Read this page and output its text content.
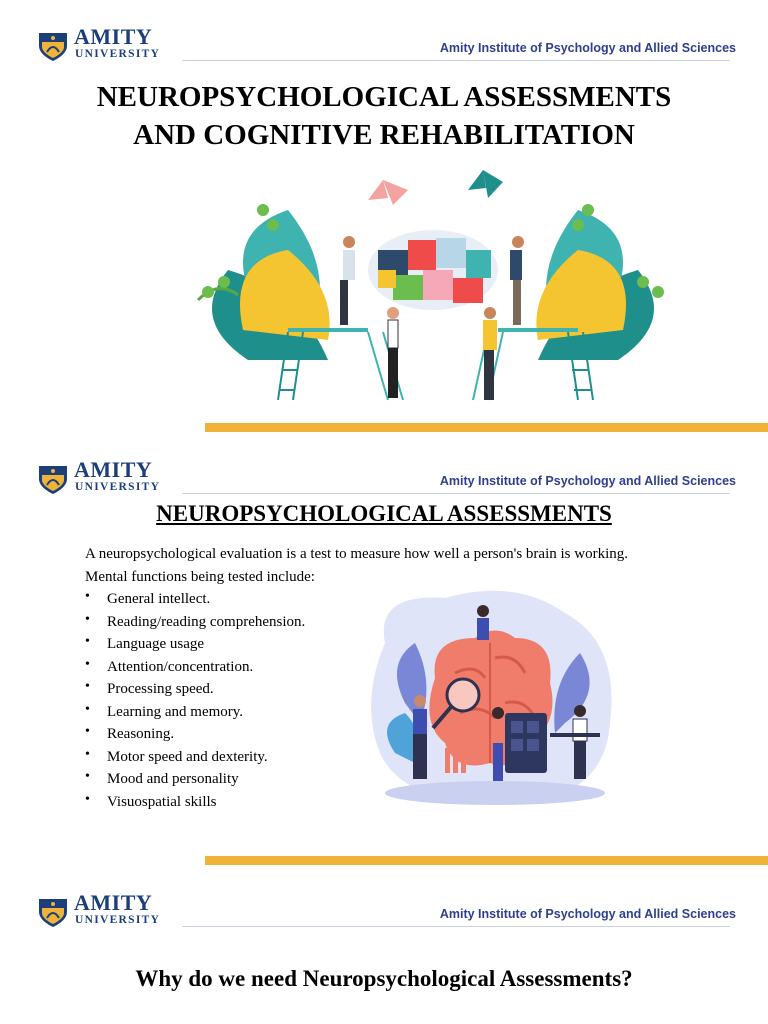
AMITY
UNIVERSITY	Amity Institute of Psychology and Allied Sciences
NEUROPSYCHOLOGICAL ASSESSMENTS
AND COGNITIVE REHABILITATION
AMITY
UNIVERSITY	Amity Institute of Psychology and Allied Sciences
NEUROPSYCHOLOGICAL ASSESSMENTS
A neuropsychological evaluation is a test to measure how well a person's brain is working.
Mental functions being tested include:
• General intellect.
• Reading/reading comprehension.
• Language usage
• Attention/concentration.
• Processing speed.
• Learning and memory.
• Reasoning.
• Motor speed and dexterity.
• Mood and personality
• Visuospatial skills
AMITY
UNIVERSITY	Amity Institute of Psychology and Allied Sciences
Why do we need Neuropsychological Assessments?
